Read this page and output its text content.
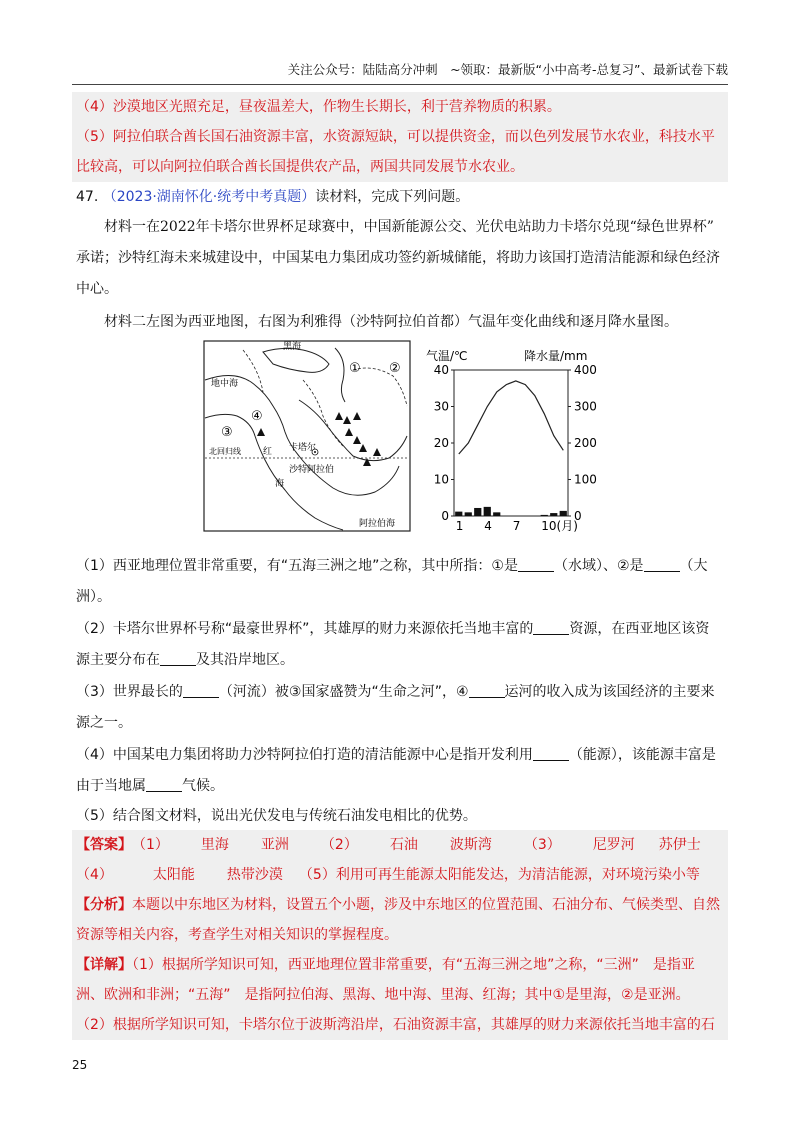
关注公众号：陆陆高分冲刺　~领取：最新版“小中高考-总复习”、最新试卷下载

（4）沙漠地区光照充足，昼夜温差大，作物生长期长，利于营养物质的积累。

（5）阿拉伯联合酋长国石油资源丰富，水资源短缺，可以提供资金，而以色列发展节水农业，科技水平

比较高，可以向阿拉伯联合酋长国提供农产品，两国共同发展节水农业。

47. （2023·湖南怀化·统考中考真题）读材料，完成下列问题。
材料一在2022年卡塔尔世界杯足球赛中，中国新能源公交、光伏电站助力卡塔尔兑现“绿色世界杯”
承诺；沙特红海未来城建设中，中国某电力集团成功签约新城储能，将助力该国打造清洁能源和绿色经济
中心。
材料二左图为西亚地图，右图为利雅得（沙特阿拉伯首都）气温年变化曲线和逐月降水量图。
黑海
地中海
① ②
③
④
北回归线	卡塔尔
沙特阿拉伯
红
海
阿拉伯海
气温/℃	降水量/mm
0
10
20
30
40
0
100
200
300
400
1 4 7 10(月)
（1）西亚地理位置非常重要，有“五海三洲之地”之称，其中所指：①是	（水域）、②是	（大
洲）。
（2）卡塔尔世界杯号称“最豪世界杯”，其雄厚的财力来源依托当地丰富的	资源，在西亚地区该资
源主要分布在	及其沿岸地区。
（3）世界最长的	（河流）被③国家盛赞为“生命之河”，④	运河的收入成为该国经济的主要来
源之一。
（4）中国某电力集团将助力沙特阿拉伯打造的清洁能源中心是指开发利用	（能源），该能源丰富是
由于当地属	气候。
（5）结合图文材料，说出光伏发电与传统石油发电相比的优势。

【答案】 （1） 里海 亚洲 （2） 石油 波斯湾 （3） 尼罗河 苏伊士

（4）	太阳能 热带沙漠 （5）利用可再生能源太阳能发达，为清洁能源，对环境污染小等

【分析】本题以中东地区为材料，设置五个小题，涉及中东地区的位置范围、石油分布、气候类型、自然

资源等相关内容，考查学生对相关知识的掌握程度。

【详解】（1）根据所学知识可知，西亚地理位置非常重要，有“五海三洲之地”之称，“三洲”　是指亚

洲、欧洲和非洲；“五海”　是指阿拉伯海、黑海、地中海、里海、红海；其中①是里海，②是亚洲。

（2）根据所学知识可知，卡塔尔位于波斯湾沿岸，石油资源丰富，其雄厚的财力来源依托当地丰富的石

25
